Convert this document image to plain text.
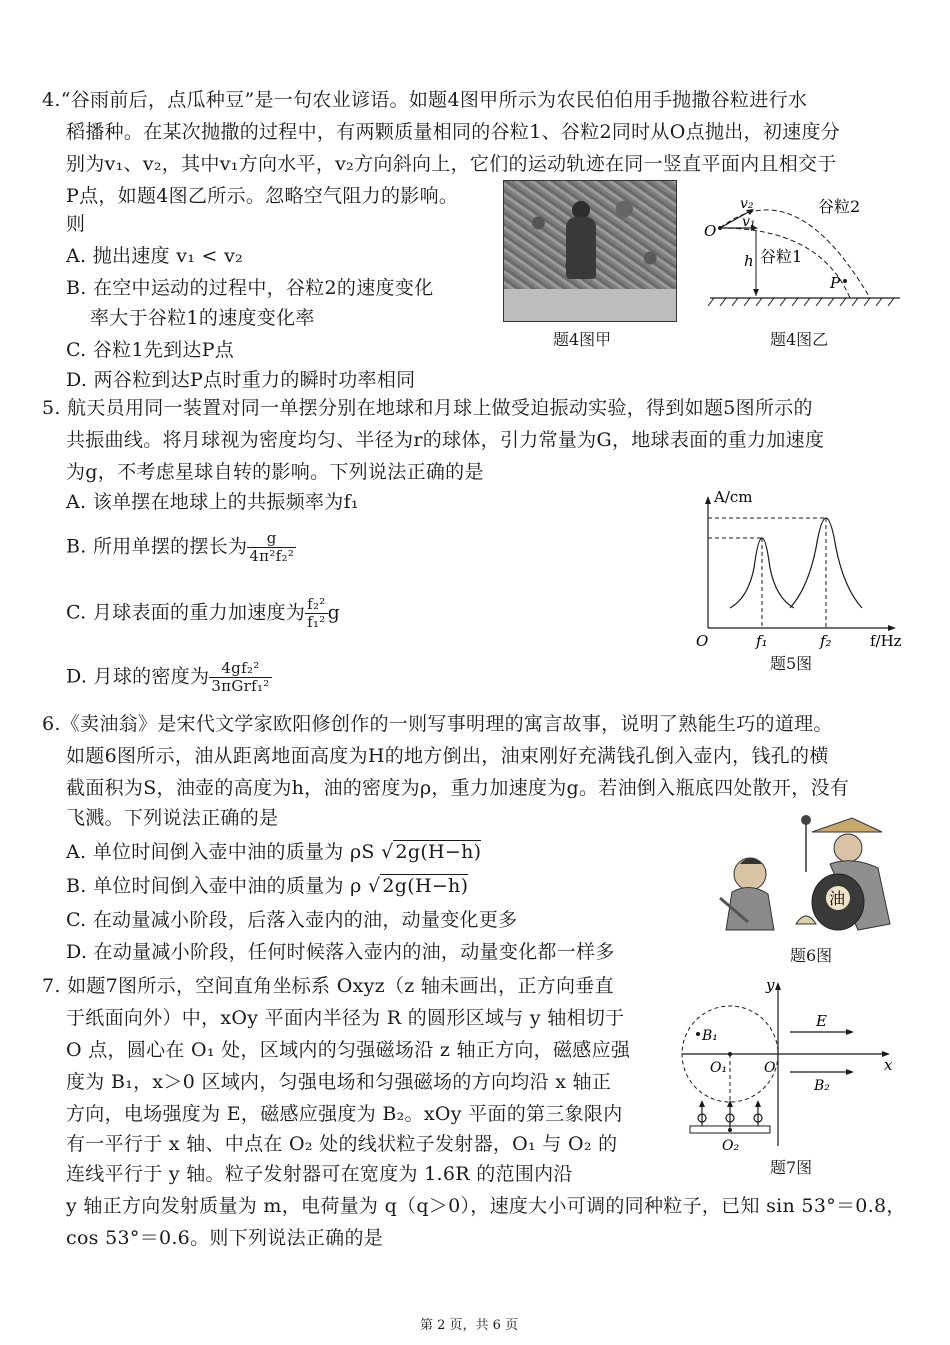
4.“谷雨前后，点瓜种豆”是一句农业谚语。如题4图甲所示为农民伯伯用手抛撒谷粒进行水
稻播种。在某次抛撒的过程中，有两颗质量相同的谷粒1、谷粒2同时从O点抛出，初速度分
别为v₁、v₂，其中v₁方向水平，v₂方向斜向上，它们的运动轨迹在同一竖直平面内且相交于
P点，如题4图乙所示。忽略空气阻力的影响。
则
A. 抛出速度 v₁ < v₂
B. 在空中运动的过程中，谷粒2的速度变化
率大于谷粒1的速度变化率
C. 谷粒1先到达P点
D. 两谷粒到达P点时重力的瞬时功率相同
题4图甲
O
v₂
v₁
h
P
谷粒2
谷粒1
题4图乙
5. 航天员用同一装置对同一单摆分别在地球和月球上做受迫振动实验，得到如题5图所示的
共振曲线。将月球视为密度均匀、半径为r的球体，引力常量为G，地球表面的重力加速度
为g，不考虑星球自转的影响。下列说法正确的是
A. 该单摆在地球上的共振频率为f₁
B. 所用单摆的摆长为 $\frac{g}{\text{4π²f₂²}}$
C. 月球表面的重力加速度为 $\frac{\text{f₂²}}{\text{f₁²}}$ g
D. 月球的密度为 $\frac{\text{4gf₂²}}{\text{3πGrf₁²}}$
A/cm
f/Hz
O	f₁	f₂
题5图
6.《卖油翁》是宋代文学家欧阳修创作的一则写事明理的寓言故事，说明了熟能生巧的道理。
如题6图所示，油从距离地面高度为H的地方倒出，油束刚好充满钱孔倒入壶内，钱孔的横
截面积为S，油壶的高度为h，油的密度为ρ，重力加速度为g。若油倒入瓶底四处散开，没有
飞溅。下列说法正确的是
A. 单位时间倒入壶中油的质量为 ρS √ 2g(H−h)
B. 单位时间倒入壶中油的质量为 ρ √ 2g(H−h)
C. 在动量减小阶段，后落入壶内的油，动量变化更多
D. 在动量减小阶段，任何时候落入壶内的油，动量变化都一样多
油
题6图
7. 如题7图所示，空间直角坐标系 Oxyz（z 轴未画出，正方向垂直
于纸面向外）中，xOy 平面内半径为 R 的圆形区域与 y 轴相切于
O 点，圆心在 O₁ 处，区域内的匀强磁场沿 z 轴正方向，磁感应强
度为 B₁，x＞0 区域内，匀强电场和匀强磁场的方向均沿 x 轴正
方向，电场强度为 E，磁感应强度为 B₂。xOy 平面的第三象限内
有一平行于 x 轴、中点在 O₂ 处的线状粒子发射器，O₁ 与 O₂ 的
连线平行于 y 轴。粒子发射器可在宽度为 1.6R 的范围内沿
y 轴正方向发射质量为 m，电荷量为 q（q＞0），速度大小可调的同种粒子，已知 sin 53°＝0.8，
cos 53°＝0.6。则下列说法正确的是
y
x
B₁
O₁	O
E
B₂
O₂
题7图
第 2 页，共 6 页
